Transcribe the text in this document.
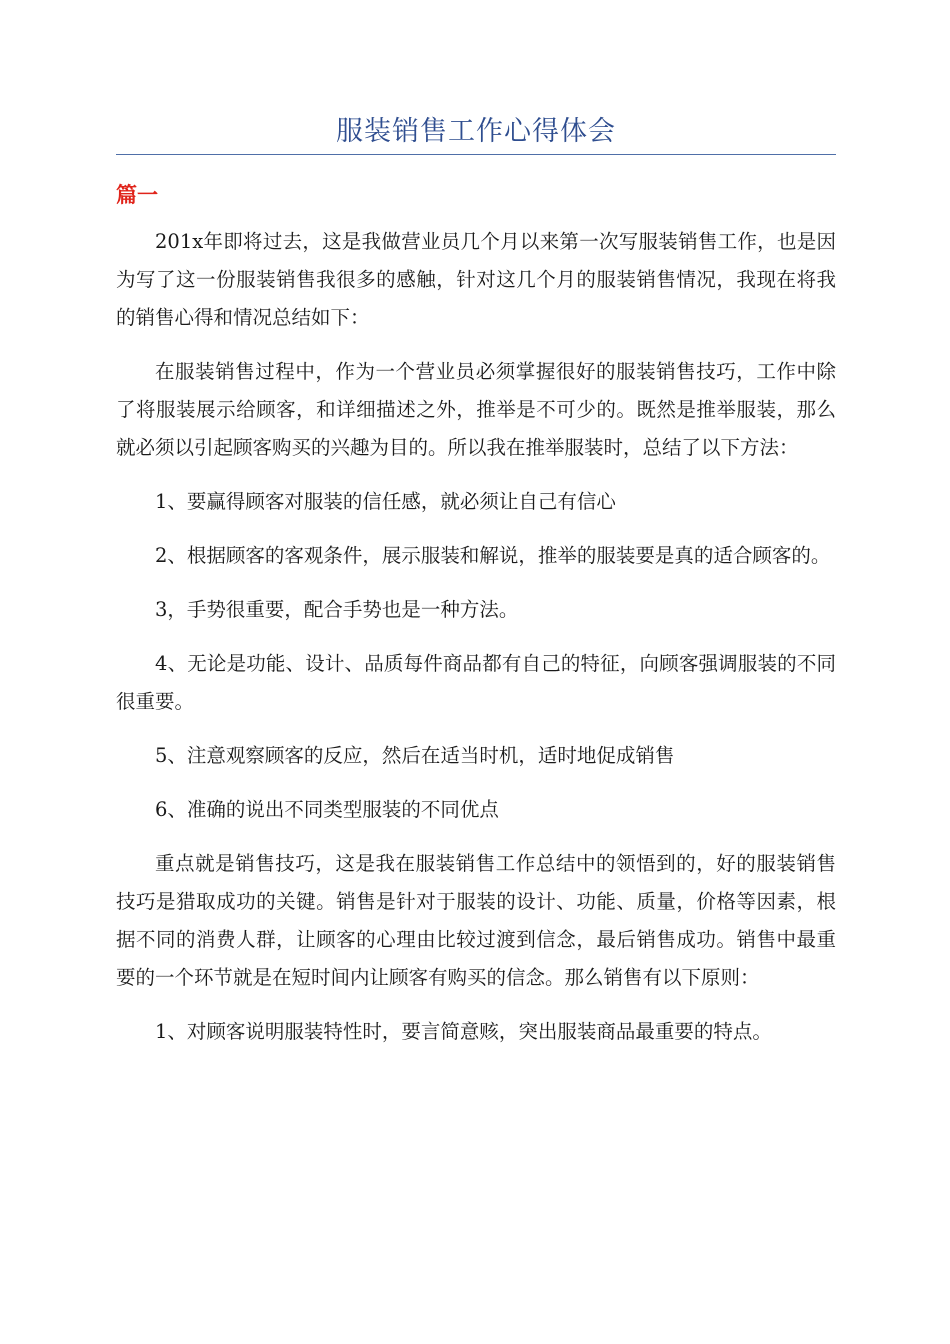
服装销售工作心得体会
篇一

201x年即将过去，这是我做营业员几个月以来第一次写服装销售工作，也是因为写了这一份服装销售我很多的感触，针对这几个月的服装销售情况，我现在将我的销售心得和情况总结如下：

在服装销售过程中，作为一个营业员必须掌握很好的服装销售技巧，工作中除了将服装展示给顾客，和详细描述之外，推举是不可少的。既然是推举服装，那么就必须以引起顾客购买的兴趣为目的。所以我在推举服装时，总结了以下方法：

1、要赢得顾客对服装的信任感，就必须让自己有信心

2、根据顾客的客观条件，展示服装和解说，推举的服装要是真的适合顾客的。

3，手势很重要，配合手势也是一种方法。

4、无论是功能、设计、品质每件商品都有自己的特征，向顾客强调服装的不同很重要。

5、注意观察顾客的反应，然后在适当时机，适时地促成销售

6、准确的说出不同类型服装的不同优点

重点就是销售技巧，这是我在服装销售工作总结中的领悟到的，好的服装销售技巧是猎取成功的关键。销售是针对于服装的设计、功能、质量，价格等因素，根据不同的消费人群，让顾客的心理由比较过渡到信念，最后销售成功。销售中最重要的一个环节就是在短时间内让顾客有购买的信念。那么销售有以下原则：

1、对顾客说明服装特性时，要言简意赅，突出服装商品最重要的特点。
